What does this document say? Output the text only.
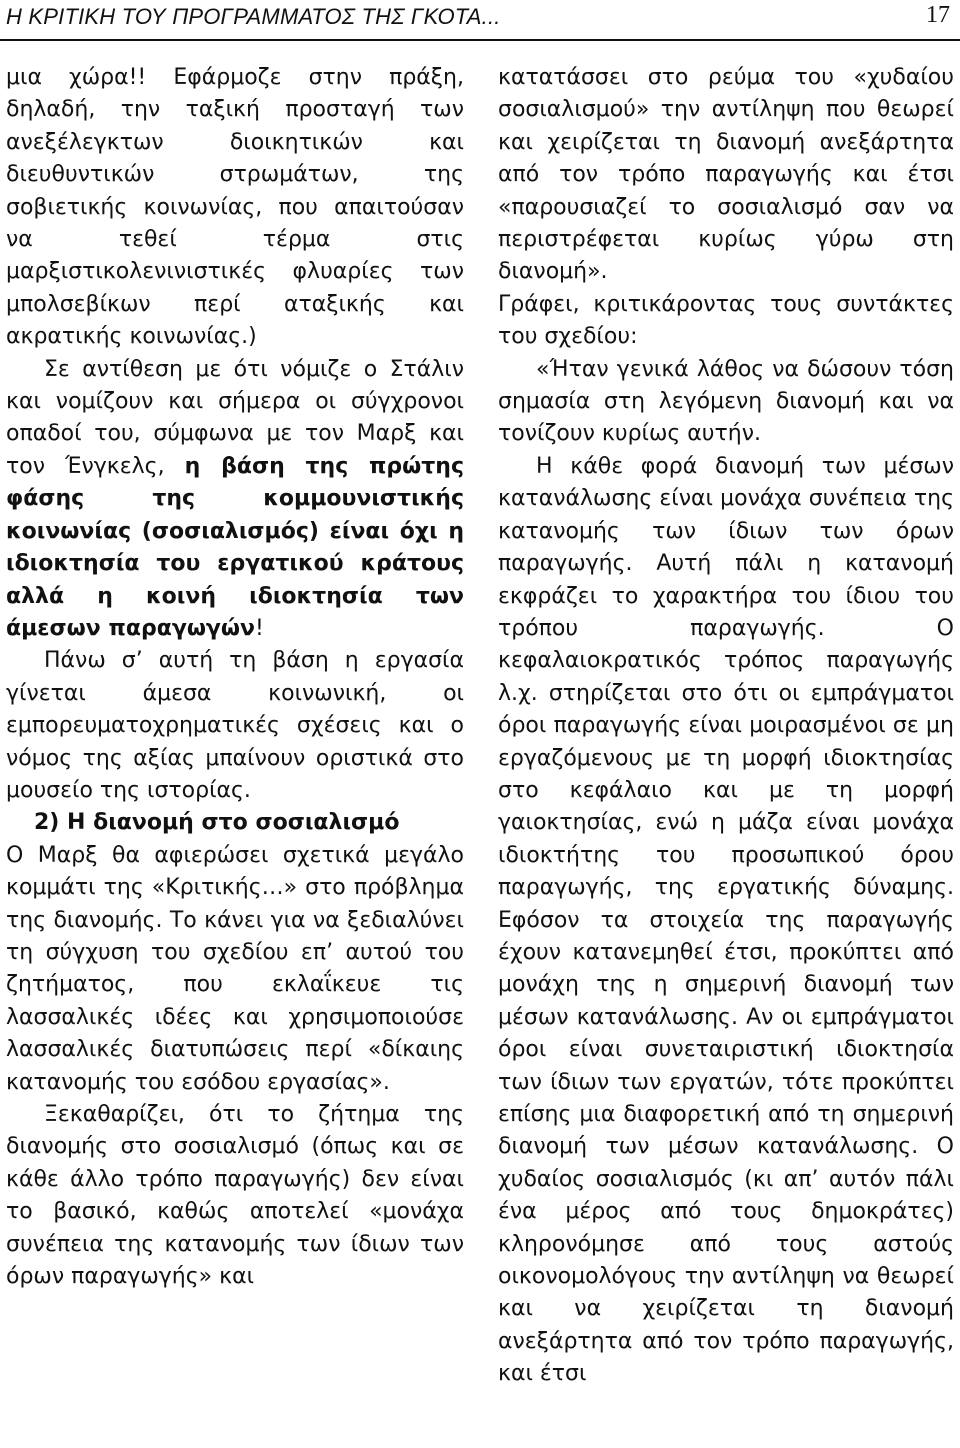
Η ΚΡΙΤΙΚΗ ΤΟΥ ΠΡΟΓΡΑΜΜΑΤΟΣ ΤΗΣ ΓΚΟΤΑ...	17

μια χώρα!! Εφάρμοζε στην πράξη, δηλαδή, την ταξική προσταγή των ανεξέλεγκτων διοικητικών και διευθυντικών στρωμάτων, της σοβιετικής κοινωνίας, που απαιτούσαν να τεθεί τέρμα στις μαρξιστικολενινιστικές φλυαρίες των μπολσεβίκων περί αταξικής και ακρατικής κοινωνίας.)

Σε αντίθεση με ότι νόμιζε ο Στάλιν και νομίζουν και σήμερα οι σύγχρονοι οπαδοί του, σύμφωνα με τον Μαρξ και τον Ένγκελς, η βάση της πρώτης φάσης της κομμουνιστικής κοινωνίας (σοσιαλισμός) είναι όχι η ιδιοκτησία του εργατικού κράτους αλλά η κοινή ιδιοκτησία των άμεσων παραγωγών!

Πάνω σ’ αυτή τη βάση η εργασία γίνεται άμεσα κοινωνική, οι εμπορευματοχρηματικές σχέσεις και ο νόμος της αξίας μπαίνουν οριστικά στο μουσείο της ιστορίας.

2) Η διανομή στο σοσιαλισμό

Ο Μαρξ θα αφιερώσει σχετικά μεγάλο κομμάτι της «Κριτικής…» στο πρόβλημα της διανομής. Το κάνει για να ξεδιαλύνει τη σύγχυση του σχεδίου επ’ αυτού του ζητήματος, που εκλαΐκευε τις λασσαλικές ιδέες και χρησιμοποιούσε λασσαλικές διατυπώσεις περί «δίκαιης κατανομής του εσόδου εργασίας».

Ξεκαθαρίζει, ότι το ζήτημα της διανομής στο σοσιαλισμό (όπως και σε κάθε άλλο τρόπο παραγωγής) δεν είναι το βασικό, καθώς αποτελεί «μονάχα συνέπεια της κατανομής των ίδιων των όρων παραγωγής» και

κατατάσσει στο ρεύμα του «χυδαίου σοσιαλισμού» την αντίληψη που θεωρεί και χειρίζεται τη διανομή ανεξάρτητα από τον τρόπο παραγωγής και έτσι «παρουσιαζεί το σοσιαλισμό σαν να περιστρέφεται κυρίως γύρω στη διανομή».

Γράφει, κριτικάροντας τους συντάκτες του σχεδίου:

«Ήταν γενικά λάθος να δώσουν τόση σημασία στη λεγόμενη διανομή και να τονίζουν κυρίως αυτήν.

Η κάθε φορά διανομή των μέσων κατανάλωσης είναι μονάχα συνέπεια της κατανομής των ίδιων των όρων παραγωγής. Αυτή πάλι η κατανομή εκφράζει το χαρακτήρα του ίδιου του τρόπου παραγωγής. Ο κεφαλαιοκρατικός τρόπος παραγωγής λ.χ. στηρίζεται στο ότι οι εμπράγματοι όροι παραγωγής είναι μοιρασμένοι σε μη εργαζόμενους με τη μορφή ιδιοκτησίας στο κεφάλαιο και με τη μορφή γαιοκτησίας, ενώ η μάζα είναι μονάχα ιδιοκτήτης του προσωπικού όρου παραγωγής, της εργατικής δύναμης. Εφόσον τα στοιχεία της παραγωγής έχουν κατανεμηθεί έτσι, προκύπτει από μονάχη της η σημερινή διανομή των μέσων κατανάλωσης. Αν οι εμπράγματοι όροι είναι συνεταιριστική ιδιοκτησία των ίδιων των εργατών, τότε προκύπτει επίσης μια διαφορετική από τη σημερινή διανομή των μέσων κατανάλωσης. Ο χυδαίος σοσιαλισμός (κι απ’ αυτόν πάλι ένα μέρος από τους δημοκράτες) κληρονόμησε από τους αστούς οικονομολόγους την αντίληψη να θεωρεί και να χειρίζεται τη διανομή ανεξάρτητα από τον τρόπο παραγωγής, και έτσι
